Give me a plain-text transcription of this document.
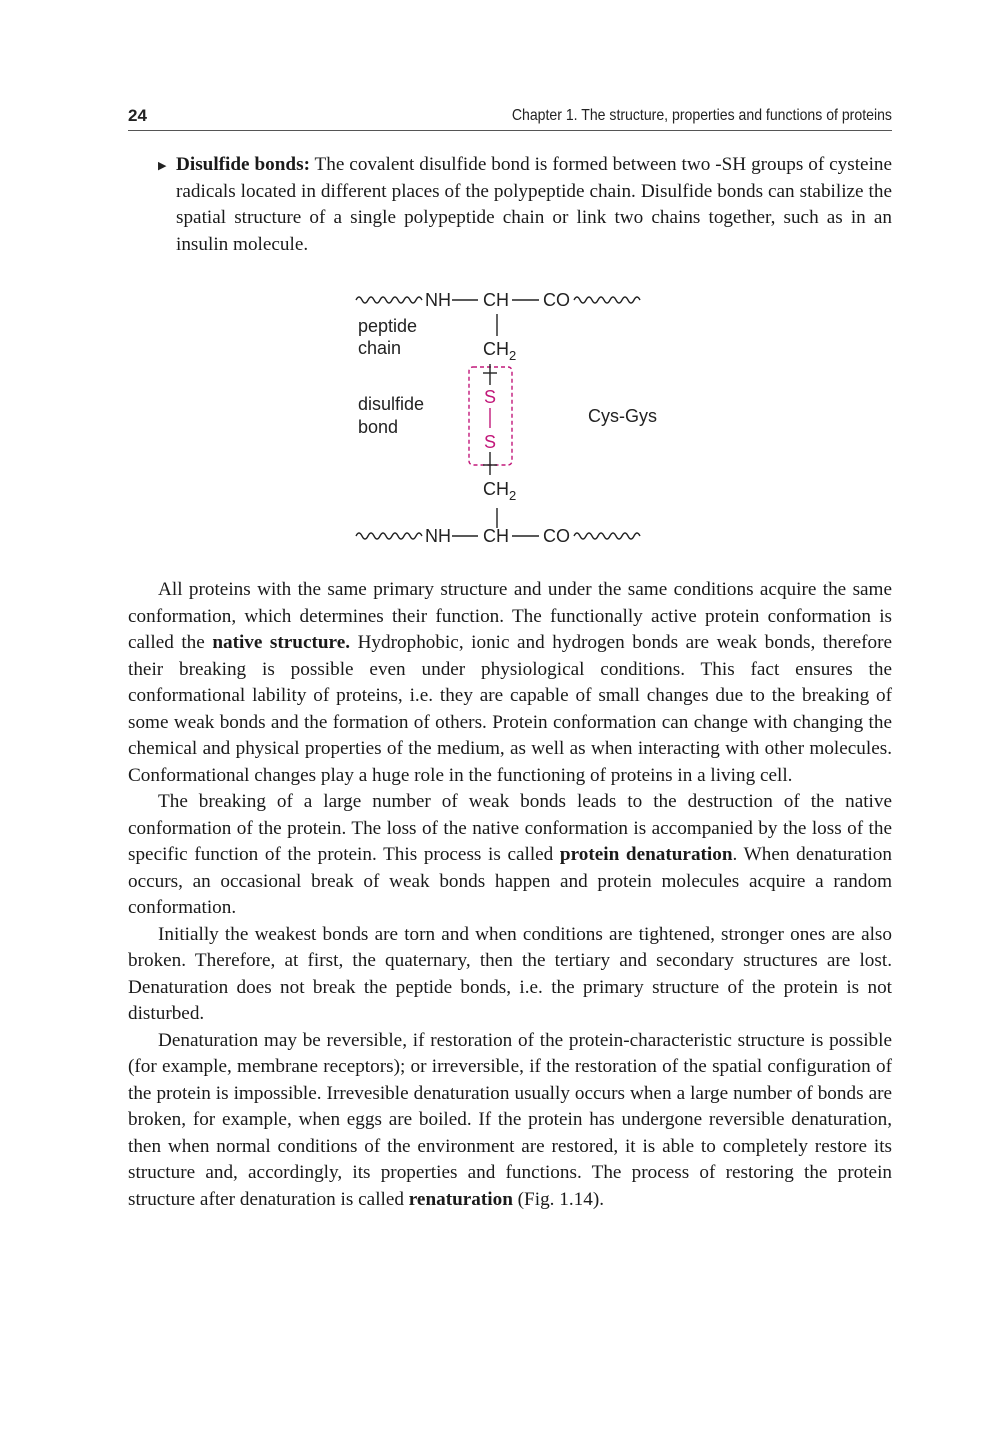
24	Chapter 1. The structure, properties and functions of proteins
▶ Disulfide bonds: The covalent disulfide bond is formed between two -SH groups of cysteine radicals located in different places of the polypeptide chain. Disulfide bonds can stabilize the spatial structure of a single polypeptide chain or link two chains together, such as in an insulin molecule.
NH CH CO
$CH_2$
peptide
chain
disulfide
bond
Cys-Gys
S
S
$CH_2$
NH CH CO

All proteins with the same primary structure and under the same conditions acquire the same conformation, which determines their function. The functionally active protein conformation is called the native structure. Hydrophobic, ionic and hydrogen bonds are weak bonds, therefore their breaking is possible even under physiological conditions. This fact ensures the conformational lability of proteins, i.e. they are capable of small changes due to the breaking of some weak bonds and the formation of others. Protein conformation can change with changing the chemical and physical properties of the medium, as well as when interacting with other molecules. Conformational changes play a huge role in the functioning of proteins in a living cell.

The breaking of a large number of weak bonds leads to the destruction of the native conformation of the protein. The loss of the native conformation is accompanied by the loss of the specific function of the protein. This process is called protein denaturation. When denaturation occurs, an occasional break of weak bonds happen and protein molecules acquire a random conformation.

Initially the weakest bonds are torn and when conditions are tightened, stronger ones are also broken. Therefore, at first, the quaternary, then the tertiary and secondary structures are lost. Denaturation does not break the peptide bonds, i.e. the primary structure of the protein is not disturbed.

Denaturation may be reversible, if restoration of the protein-characteristic structure is possible (for example, membrane receptors); or irreversible, if the restoration of the spatial configuration of the protein is impossible. Irrevesible denaturation usually occurs when a large number of bonds are broken, for example, when eggs are boiled. If the protein has undergone reversible denaturation, then when normal conditions of the environment are restored, it is able to completely restore its structure and, accordingly, its properties and functions. The process of restoring the protein structure after denaturation is called renaturation (Fig. 1.14).
